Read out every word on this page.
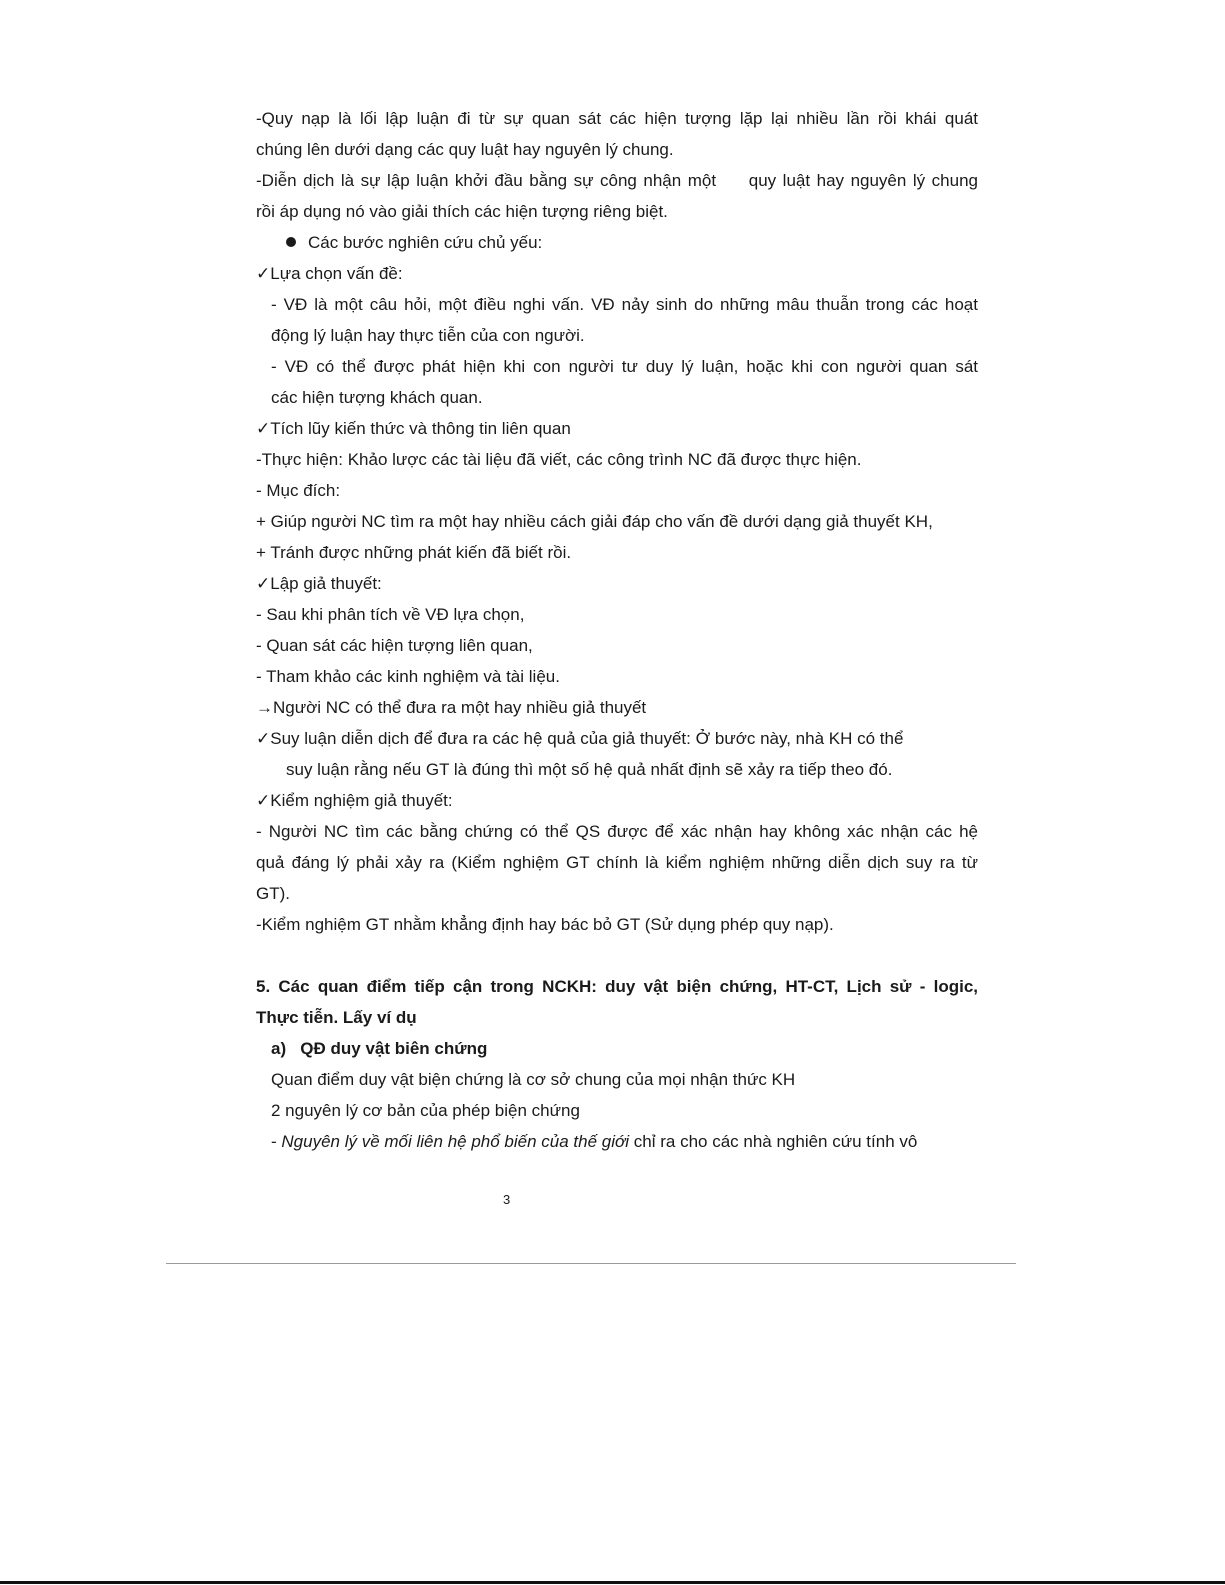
-Quy nạp là lối lập luận đi từ sự quan sát các hiện tượng lặp lại nhiều lần rồi khái quát
chúng lên dưới dạng các quy luật hay nguyên lý chung.
-Diễn dịch là sự lập luận khởi đầu bằng sự công nhận một     quy luật hay nguyên lý chung
rồi áp dụng nó vào giải thích các hiện tượng riêng biệt.
Các bước nghiên cứu chủ yếu:
✓Lựa chọn vấn đề:
- VĐ là một câu hỏi, một điều nghi vấn. VĐ nảy sinh do những mâu thuẫn trong các hoạt
động lý luận hay thực tiễn của con người.
- VĐ có thể được phát hiện khi con người tư duy lý luận, hoặc khi con người quan sát
các hiện tượng khách quan.
✓Tích lũy kiến thức và thông tin liên quan
-Thực hiện: Khảo lược các tài liệu đã viết, các công trình NC đã được thực hiện.
- Mục đích:
+ Giúp người NC tìm ra một hay nhiều cách giải đáp cho vấn đề dưới dạng giả thuyết KH,
+ Tránh được những phát kiến đã biết rồi.
✓Lập giả thuyết:
- Sau khi phân tích về VĐ lựa chọn,
- Quan sát các hiện tượng liên quan,
- Tham khảo các kinh nghiệm và tài liệu.
→Người NC có thể đưa ra một hay nhiều giả thuyết
✓Suy luận diễn dịch để đưa ra các hệ quả của giả thuyết: Ở bước này, nhà KH có thể
suy luận rằng nếu GT là đúng thì một số hệ quả nhất định sẽ xảy ra tiếp theo đó.
✓Kiểm nghiệm giả thuyết:
- Người NC tìm các bằng chứng có thể QS được để xác nhận hay không xác nhận các hệ
quả đáng lý phải xảy ra (Kiểm nghiệm GT chính là kiểm nghiệm những diễn dịch suy ra từ
GT).
-Kiểm nghiệm GT nhằm khẳng định hay bác bỏ GT (Sử dụng phép quy nạp).
5. Các quan điểm tiếp cận trong NCKH: duy vật biện chứng, HT-CT, Lịch sử - logic,
Thực tiễn. Lấy ví dụ
a)   QĐ duy vật biên chứng
Quan điểm duy vật biện chứng là cơ sở chung của mọi nhận thức KH
2 nguyên lý cơ bản của phép biện chứng
- Nguyên lý về mối liên hệ phổ biến của thế giới chỉ ra cho các nhà nghiên cứu tính vô
3
